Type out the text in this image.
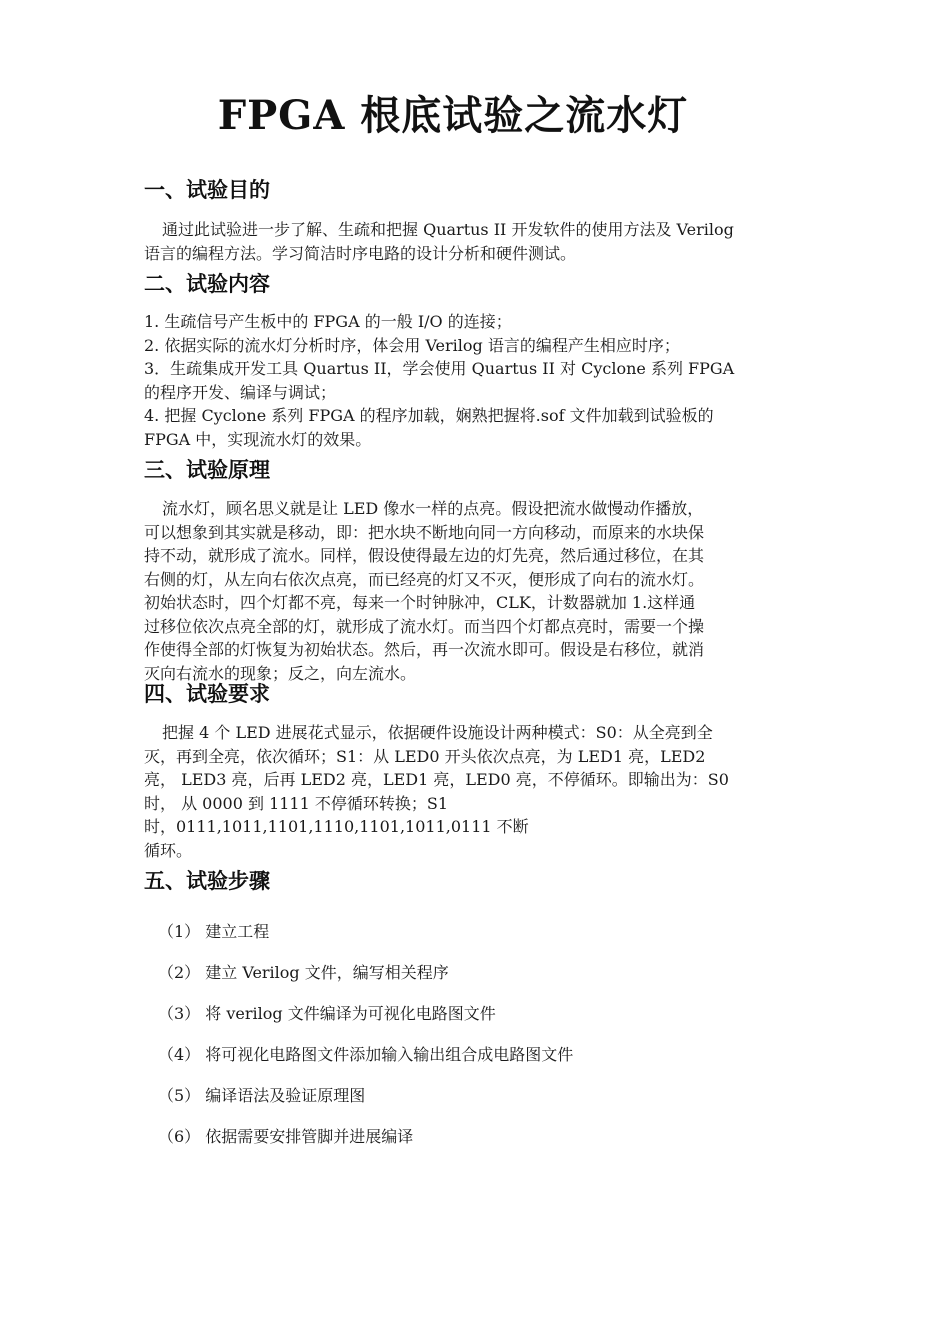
FPGA 根底试验之流水灯
一、试验目的

通过此试验进一步了解、生疏和把握 Quartus II 开发软件的使用方法及 Verilog
语言的编程方法。学习简洁时序电路的设计分析和硬件测试。

二、试验内容
1. 生疏信号产生板中的 FPGA 的一般 I/O 的连接；
2. 依据实际的流水灯分析时序，体会用 Verilog 语言的编程产生相应时序；
3．生疏集成开发工具 Quartus II，学会使用 Quartus II 对 Cyclone 系列 FPGA
的程序开发、编译与调试；
4. 把握 Cyclone 系列 FPGA 的程序加载，娴熟把握将.sof 文件加载到试验板的
FPGA 中，实现流水灯的效果。
三、试验原理

流水灯，顾名思义就是让 LED 像水一样的点亮。假设把流水做慢动作播放，
可以想象到其实就是移动，即：把水块不断地向同一方向移动，而原来的水块保
持不动，就形成了流水。同样，假设使得最左边的灯先亮，然后通过移位，在其
右侧的灯，从左向右依次点亮，而已经亮的灯又不灭，便形成了向右的流水灯。
初始状态时，四个灯都不亮，每来一个时钟脉冲，CLK，计数器就加 1.这样通
过移位依次点亮全部的灯，就形成了流水灯。而当四个灯都点亮时，需要一个操
作使得全部的灯恢复为初始状态。然后，再一次流水即可。假设是右移位，就消
灭向右流水的现象；反之，向左流水。

四、试验要求

把握 4 个 LED 进展花式显示，依据硬件设施设计两种模式：S0：从全亮到全
灭，再到全亮，依次循环；S1：从 LED0 开头依次点亮，为 LED1 亮，LED2
亮， LED3 亮，后再 LED2 亮，LED1 亮，LED0 亮，不停循环。即输出为：S0
时， 从 0000 到 1111 不停循环转换；S1
时，0111,1011,1101,1110,1101,1011,0111 不断
循环。

五、试验步骤
（1） 建立工程
（2） 建立 Verilog 文件，编写相关程序
（3） 将 verilog 文件编译为可视化电路图文件
（4） 将可视化电路图文件添加输入输出组合成电路图文件
（5） 编译语法及验证原理图
（6） 依据需要安排管脚并进展编译
